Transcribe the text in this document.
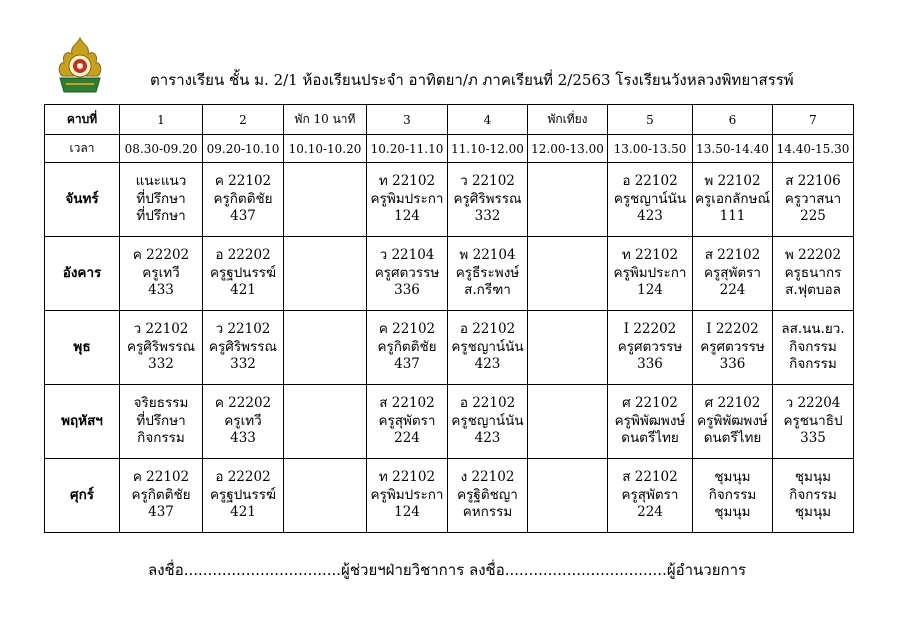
ตารางเรียน ชั้น ม. 2/1 ห้องเรียนประจำ อาทิตยา/ภ ภาคเรียนที่ 2/2563 โรงเรียนวังหลวงพิทยาสรรพ์
คาบที่	1	2	พัก 10 นาที	3	4	พักเที่ยง	5	6	7
เวลา	08.30-09.20	09.20-10.10	10.10-10.20	10.20-11.10	11.10-12.00	12.00-13.00	13.00-13.50	13.50-14.40	14.40-15.30
จันทร์	แนะแนว
ที่ปรึกษา
ที่ปรึกษา	ค 22102
ครูกิตติชัย
437		ท 22102
ครูพิมประกา
124	ว 22102
ครูศิริพรรณ
332		อ 22102
ครูชญาน์นัน
423	พ 22102
ครูเอกลักษณ์
111	ส 22106
ครูวาสนา
225

อังคาร	ค 22202
ครูเทวี
433	อ 22202
ครูฐปนรรฆ์
421		ว 22104
ครูศตวรรษ
336	พ 22104
ครูธีระพงษ์
ส.กรีฑา		ท 22102
ครูพิมประกา
124	ส 22102
ครูสุพัตรา
224	พ 22202
ครูธนากร
ส.ฟุตบอล

พุธ	ว 22102
ครูศิริพรรณ
332	ว 22102
ครูศิริพรรณ
332		ค 22102
ครูกิตติชัย
437	อ 22102
ครูชญาน์นัน
423		I 22202
ครูศตวรรษ
336	I 22202
ครูศตวรรษ
336	ลส.นน.ยว.
กิจกรรม
กิจกรรม

พฤหัสฯ	จริยธรรม
ที่ปรึกษา
กิจกรรม	ค 22202
ครูเทวี
433		ส 22102
ครูสุพัตรา
224	อ 22102
ครูชญาน์นัน
423		ศ 22102
ครูพิพัฒพงษ์
ดนตรีไทย	ศ 22102
ครูพิพัฒพงษ์
ดนตรีไทย	ว 22204
ครูชนาธิป
335

ศุกร์	ค 22102
ครูกิตติชัย
437	อ 22202
ครูฐปนรรฆ์
421		ท 22102
ครูพิมประกา
124	ง 22102
ครูฐิติชญา
คหกรรม		ส 22102
ครูสุพัตรา
224	ชุมนุม
กิจกรรม
ชุมนุม	ชุมนุม
กิจกรรม
ชุมนุม
ลงชื่อ.................................ผู้ช่วยฯฝ่ายวิชาการ ลงชื่อ..................................ผู้อำนวยการ
